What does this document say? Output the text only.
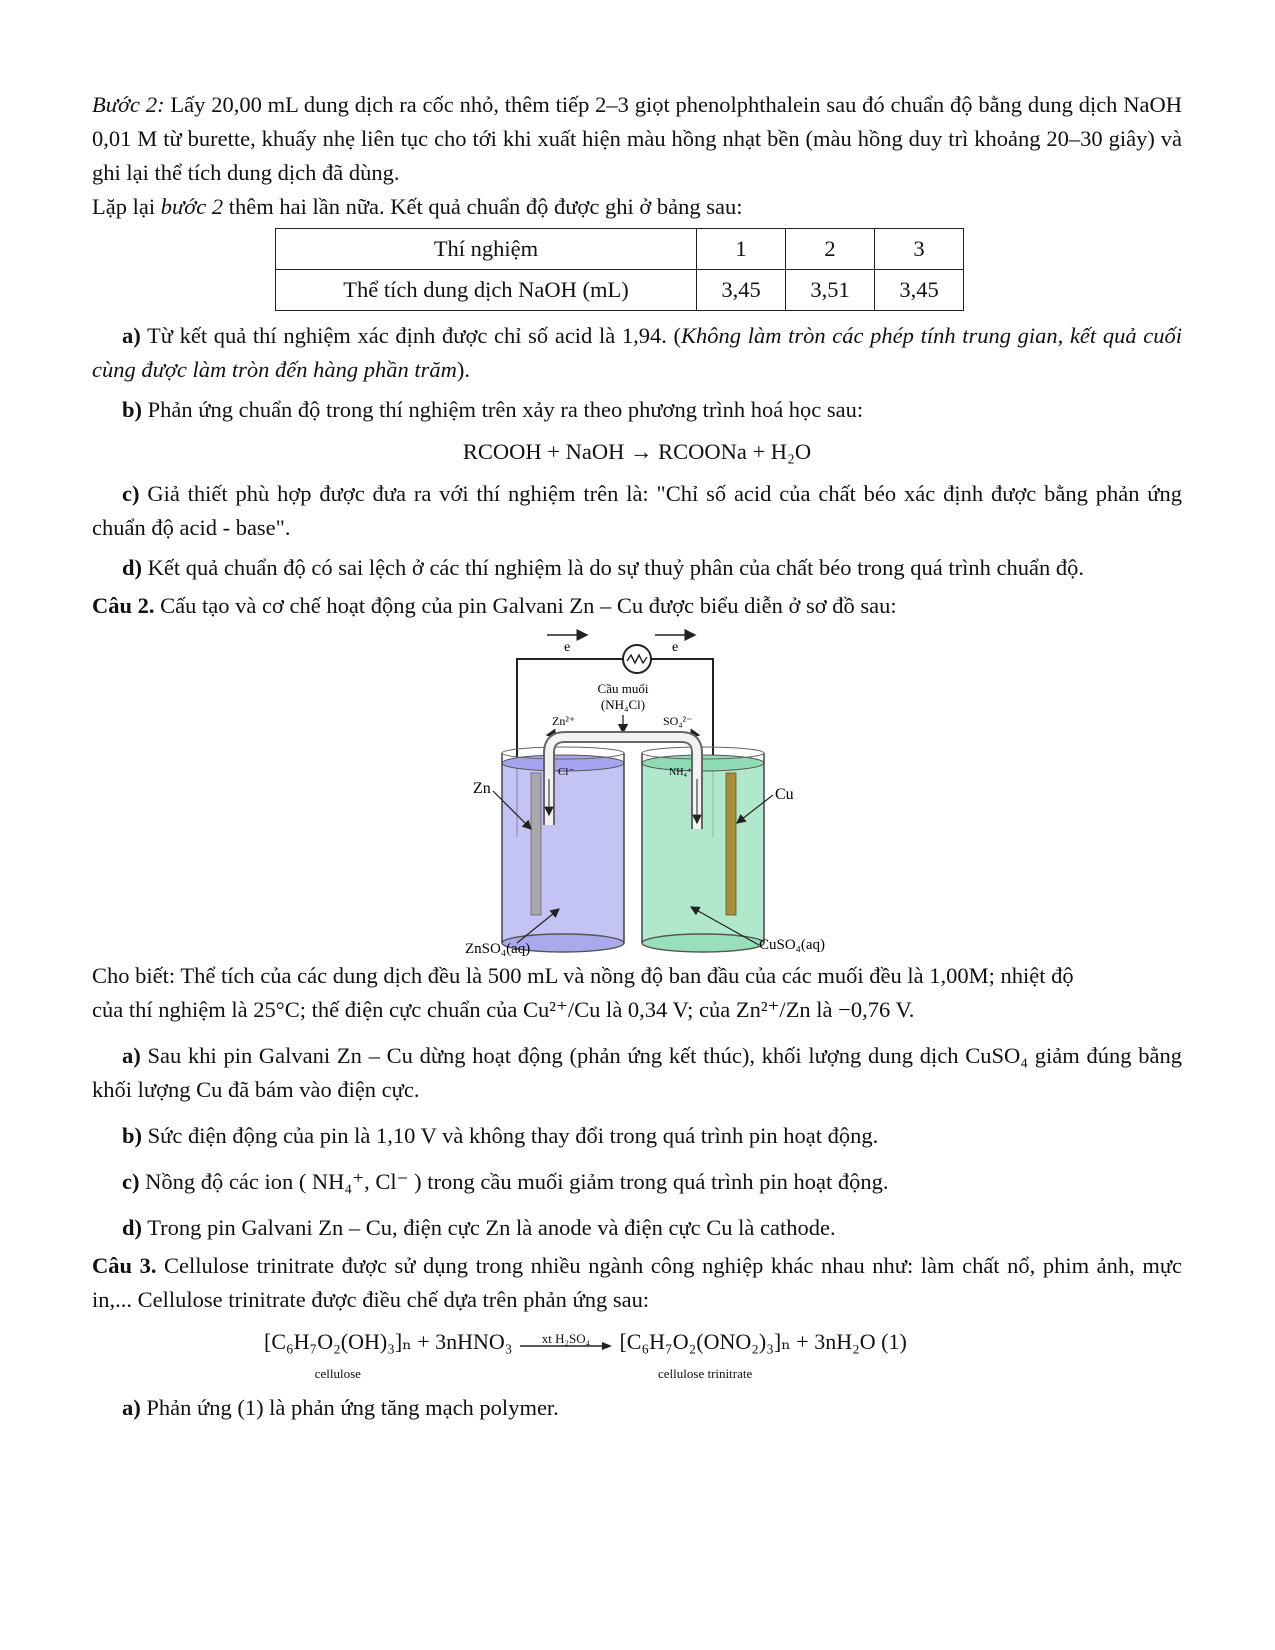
Bước 2: Lấy 20,00 mL dung dịch ra cốc nhỏ, thêm tiếp 2–3 giọt phenolphthalein sau đó chuẩn độ bằng dung dịch NaOH 0,01 M từ burette, khuấy nhẹ liên tục cho tới khi xuất hiện màu hồng nhạt bền (màu hồng duy trì khoảng 20–30 giây) và ghi lại thể tích dung dịch đã dùng.

Lặp lại bước 2 thêm hai lần nữa. Kết quả chuẩn độ được ghi ở bảng sau:

Thí nghiệm	1	2	3
Thể tích dung dịch NaOH (mL)	3,45	3,51	3,45

a) Từ kết quả thí nghiệm xác định được chỉ số acid là 1,94. (Không làm tròn các phép tính trung gian, kết quả cuối cùng được làm tròn đến hàng phần trăm).

b) Phản ứng chuẩn độ trong thí nghiệm trên xảy ra theo phương trình hoá học sau:

RCOOH + NaOH → RCOONa + H₂O

c) Giả thiết phù hợp được đưa ra với thí nghiệm trên là: "Chỉ số acid của chất béo xác định được bằng phản ứng chuẩn độ acid - base".

d) Kết quả chuẩn độ có sai lệch ở các thí nghiệm là do sự thuỷ phân của chất béo trong quá trình chuẩn độ.

Câu 2. Cấu tạo và cơ chế hoạt động của pin Galvani Zn – Cu được biểu diễn ở sơ đồ sau:

e	e
Cầu muối
(NH₄Cl)
Zn²⁺	SO₄²⁻
Cl⁻	NH₄⁺
Zn	Cu
ZnSO₄(aq)	CuSO₄(aq)

Cho biết: Thể tích của các dung dịch đều là 500 mL và nồng độ ban đầu của các muối đều là 1,00M; nhiệt độ
của thí nghiệm là 25°C; thế điện cực chuẩn của Cu²⁺/Cu là 0,34 V; của Zn²⁺/Zn là −0,76 V.

a) Sau khi pin Galvani Zn – Cu dừng hoạt động (phản ứng kết thúc), khối lượng dung dịch CuSO₄ giảm đúng bằng khối lượng Cu đã bám vào điện cực.

b) Sức điện động của pin là 1,10 V và không thay đổi trong quá trình pin hoạt động.

c) Nồng độ các ion ( NH₄⁺, Cl⁻ ) trong cầu muối giảm trong quá trình pin hoạt động.

d) Trong pin Galvani Zn – Cu, điện cực Zn là anode và điện cực Cu là cathode.

Câu 3. Cellulose trinitrate được sử dụng trong nhiều ngành công nghiệp khác nhau như: làm chất nổ, phim ảnh, mực in,... Cellulose trinitrate được điều chế dựa trên phản ứng sau:

[C₆H₇O₂(OH)₃]ₙ
cellulose
+ 3nHNO₃	xt H₂SO₄	[C₆H₇O₂(ONO₂)₃]ₙ
cellulose trinitrate
+ 3nH₂O (1)

a) Phản ứng (1) là phản ứng tăng mạch polymer.
